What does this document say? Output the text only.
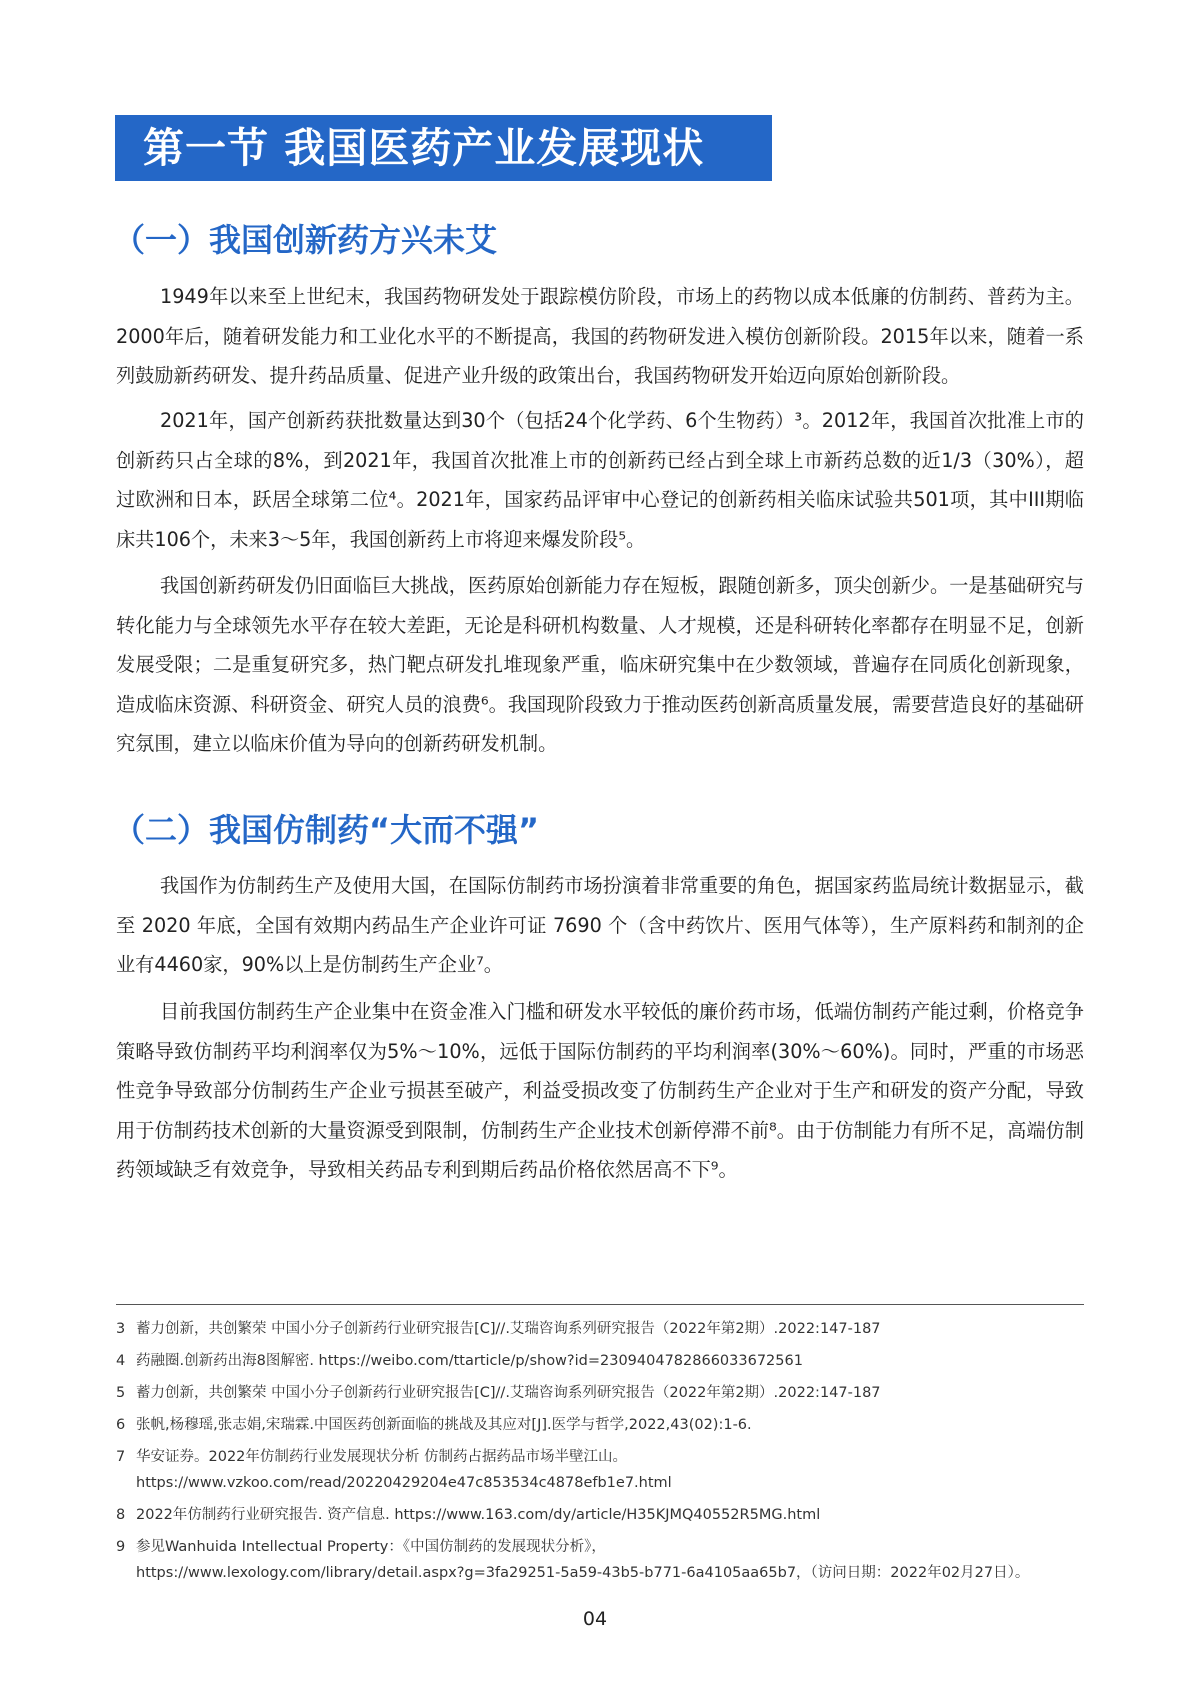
第一节 我国医药产业发展现状
（一）我国创新药方兴未艾

1949年以来至上世纪末，我国药物研发处于跟踪模仿阶段，市场上的药物以成本低廉的仿制药、普药为主。2000年后，随着研发能力和工业化水平的不断提高，我国的药物研发进入模仿创新阶段。2015年以来，随着一系列鼓励新药研发、提升药品质量、促进产业升级的政策出台，我国药物研发开始迈向原始创新阶段。

2021年，国产创新药获批数量达到30个（包括24个化学药、6个生物药）³。2012年，我国首次批准上市的创新药只占全球的8%，到2021年，我国首次批准上市的创新药已经占到全球上市新药总数的近1/3（30%），超过欧洲和日本，跃居全球第二位⁴。2021年，国家药品评审中心登记的创新药相关临床试验共501项，其中III期临床共106个，未来3～5年，我国创新药上市将迎来爆发阶段⁵。

我国创新药研发仍旧面临巨大挑战，医药原始创新能力存在短板，跟随创新多，顶尖创新少。一是基础研究与转化能力与全球领先水平存在较大差距，无论是科研机构数量、人才规模，还是科研转化率都存在明显不足，创新发展受限；二是重复研究多，热门靶点研发扎堆现象严重，临床研究集中在少数领域，普遍存在同质化创新现象，造成临床资源、科研资金、研究人员的浪费⁶。我国现阶段致力于推动医药创新高质量发展，需要营造良好的基础研究氛围，建立以临床价值为导向的创新药研发机制。

（二）我国仿制药“大而不强”

我国作为仿制药生产及使用大国，在国际仿制药市场扮演着非常重要的角色，据国家药监局统计数据显示，截至 2020 年底，全国有效期内药品生产企业许可证 7690 个（含中药饮片、医用气体等），生产原料药和制剂的企业有4460家，90%以上是仿制药生产企业⁷。

目前我国仿制药生产企业集中在资金准入门槛和研发水平较低的廉价药市场，低端仿制药产能过剩，价格竞争策略导致仿制药平均利润率仅为5%～10%，远低于国际仿制药的平均利润率(30%～60%)。同时，严重的市场恶性竞争导致部分仿制药生产企业亏损甚至破产，利益受损改变了仿制药生产企业对于生产和研发的资产分配，导致用于仿制药技术创新的大量资源受到限制，仿制药生产企业技术创新停滞不前⁸。由于仿制能力有所不足，高端仿制药领域缺乏有效竞争，导致相关药品专利到期后药品价格依然居高不下⁹。

3 蓄力创新，共创繁荣 中国小分子创新药行业研究报告[C]//.艾瑞咨询系列研究报告（2022年第2期）.2022:147-187
4 药融圈.创新药出海8图解密. https://weibo.com/ttarticle/p/show?id=2309404782866033672561
5 蓄力创新，共创繁荣 中国小分子创新药行业研究报告[C]//.艾瑞咨询系列研究报告（2022年第2期）.2022:147-187
6 张帆,杨穆瑶,张志娟,宋瑞霖.中国医药创新面临的挑战及其应对[J].医学与哲学,2022,43(02):1-6.
7 华安证券。2022年仿制药行业发展现状分析 仿制药占据药品市场半壁江山。
https://www.vzkoo.com/read/20220429204e47c853534c4878efb1e7.html
8 2022年仿制药行业研究报告. 资产信息. https://www.163.com/dy/article/H35KJMQ40552R5MG.html
9 参见Wanhuida Intellectual Property：《中国仿制药的发展现状分析》，
https://www.lexology.com/library/detail.aspx?g=3fa29251-5a59-43b5-b771-6a4105aa65b7，（访问日期：2022年02月27日）。
04
